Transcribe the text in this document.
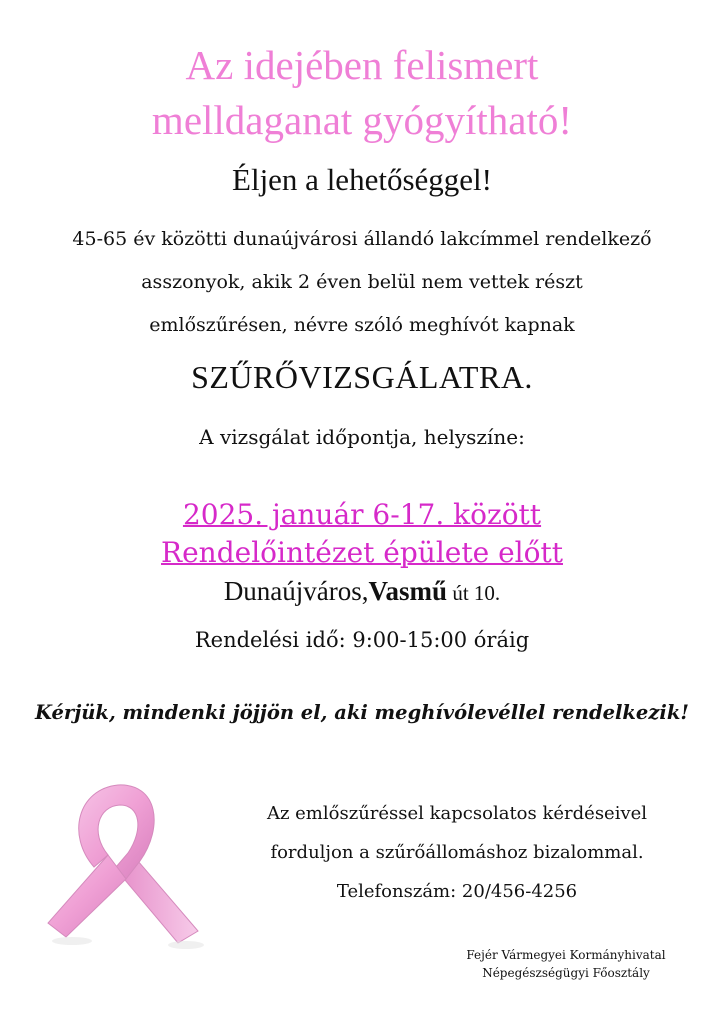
Az idejében felismert
melldaganat gyógyítható!
Éljen a lehetőséggel!
45-65 év közötti dunaújvárosi állandó lakcímmel rendelkező
asszonyok, akik 2 éven belül nem vettek részt
emlőszűrésen, névre szóló meghívót kapnak
SZŰRŐVIZSGÁLATRA.
A vizsgálat időpontja, helyszíne:
2025. január 6-17. között
Rendelőintézet épülete előtt
Dunaújváros,Vasmű út 10.
Rendelési idő: 9:00-15:00 óráig
Kérjük, mindenki jöjjön el, aki meghívólevéllel rendelkezik!
Az emlőszűréssel kapcsolatos kérdéseivel
forduljon a szűrőállomáshoz bizalommal.
Telefonszám: 20/456-4256
Fejér Vármegyei Kormányhivatal
Népegészségügyi Főosztály
